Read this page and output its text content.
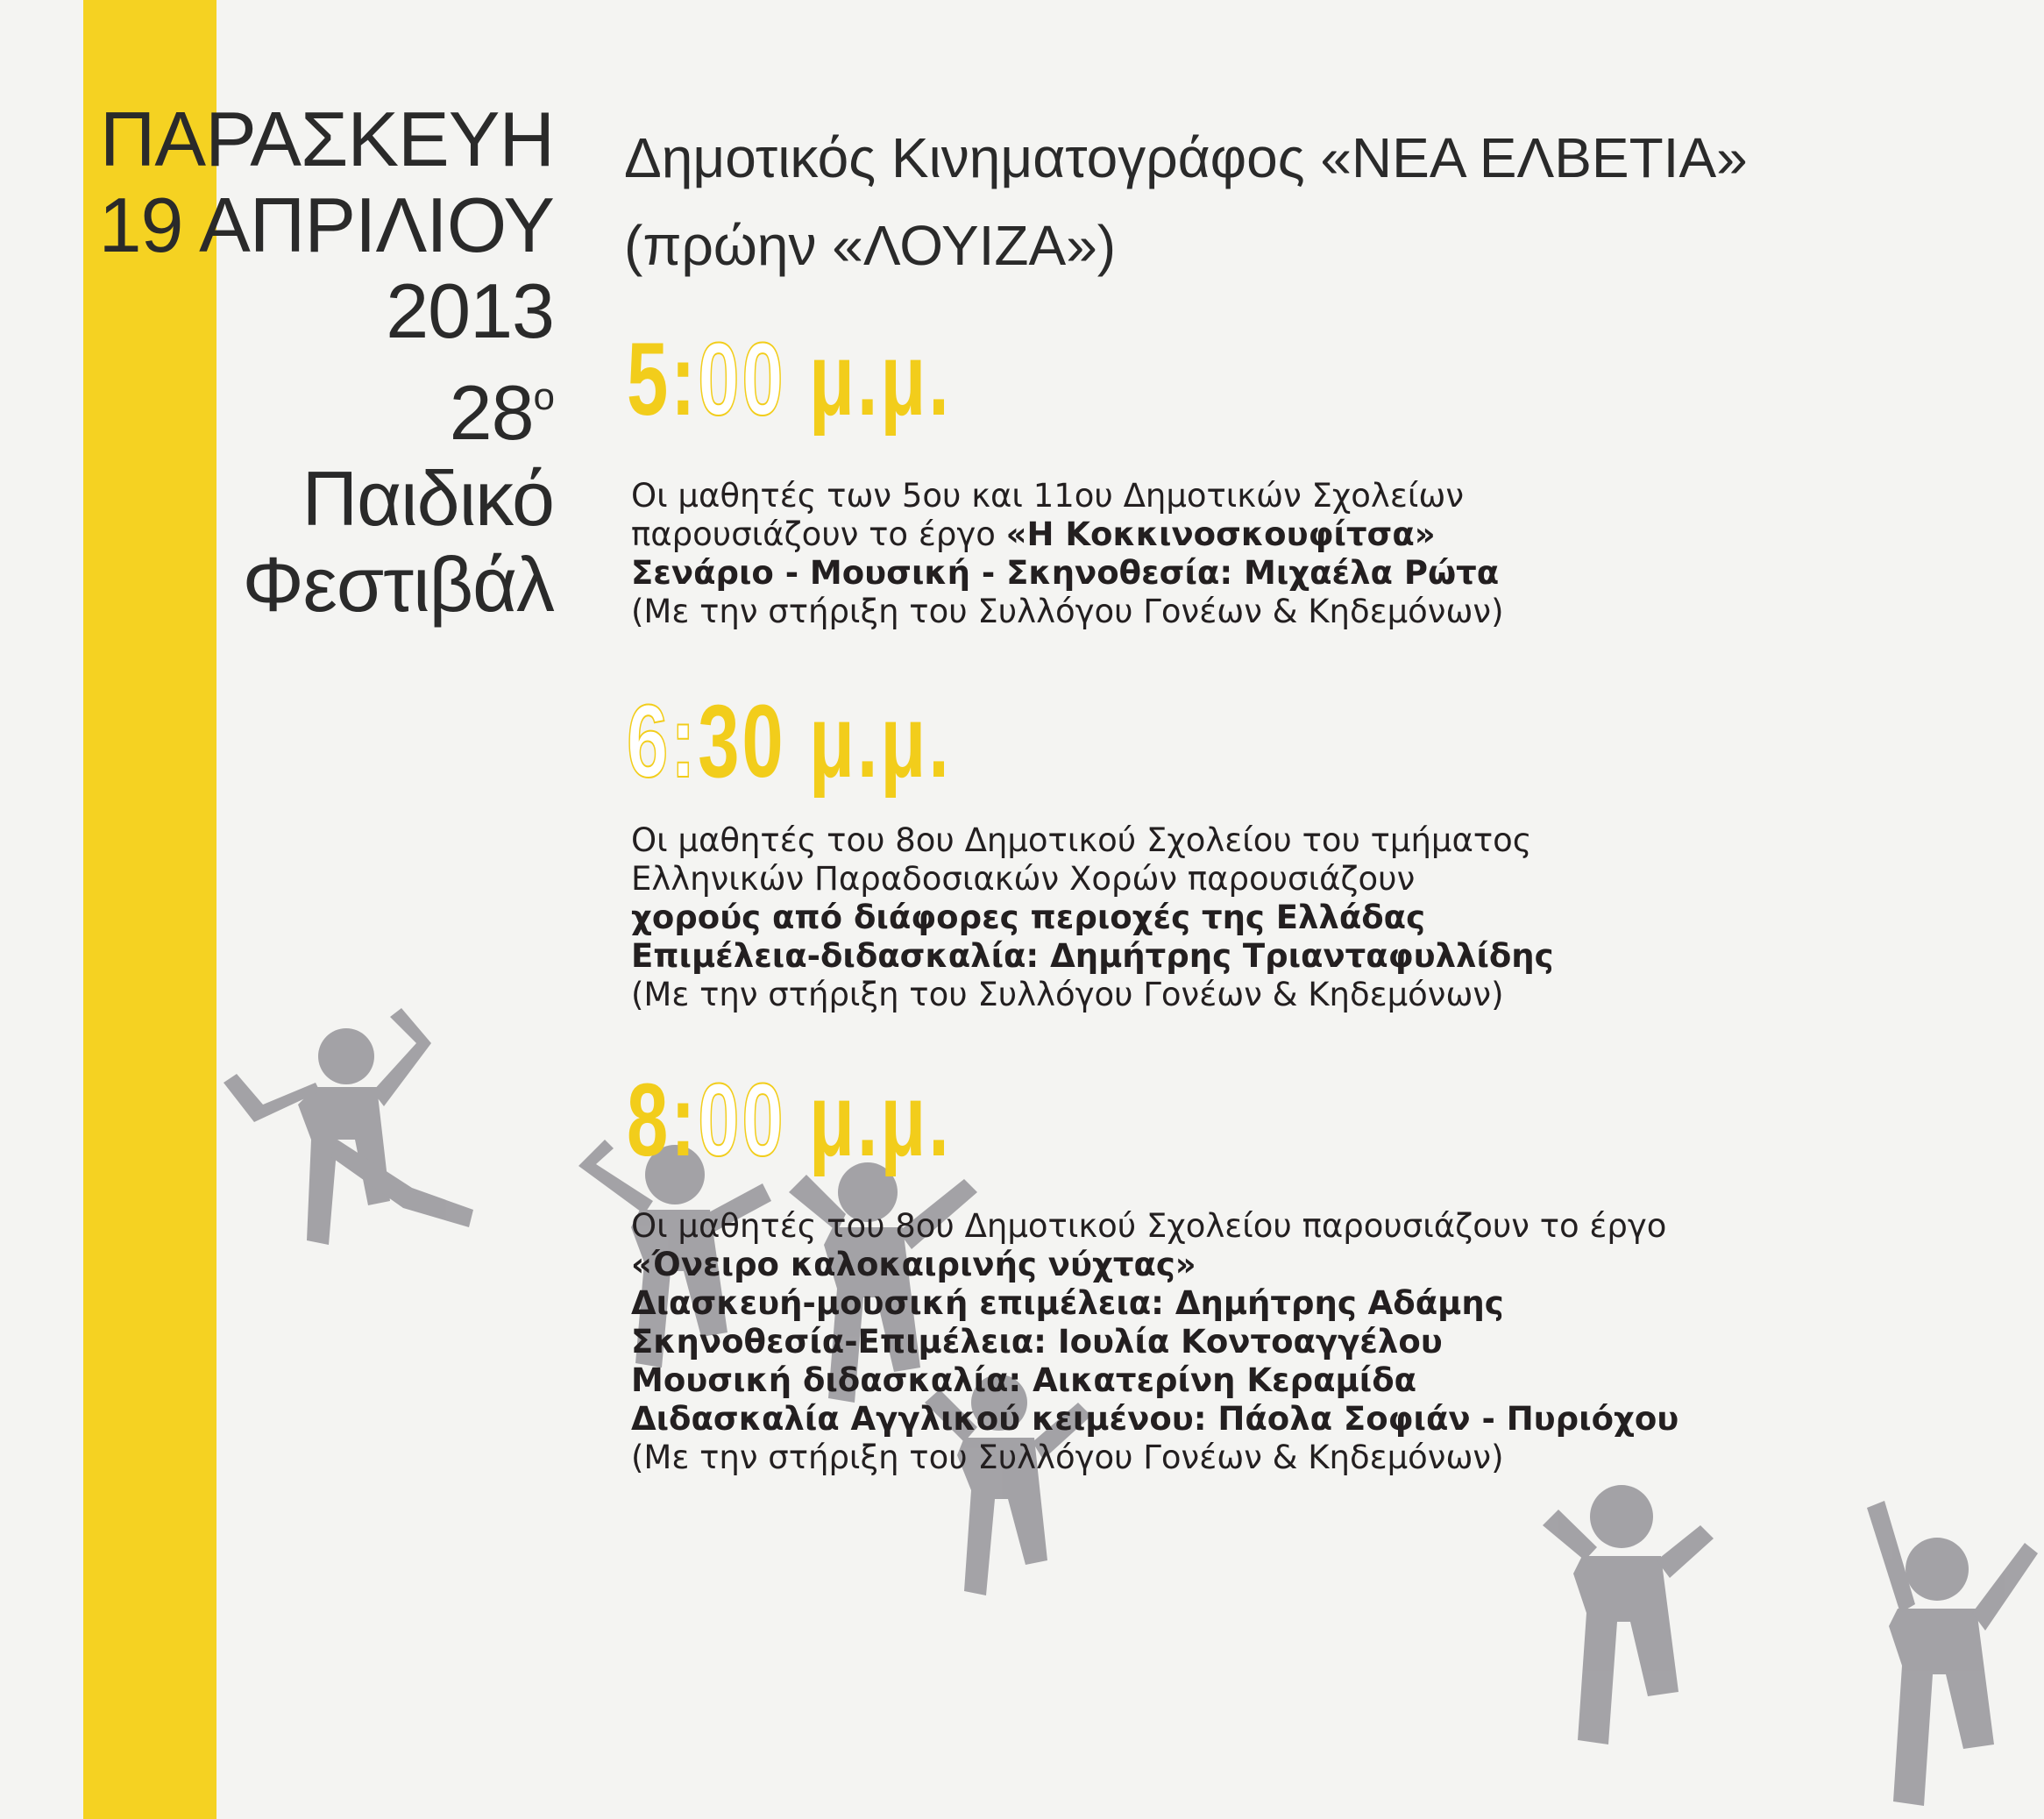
ΠΑΡΑΣΚΕΥΗ
19 ΑΠΡΙΛΙΟΥ
2013
$28^o$
Παιδικό
Φεστιβάλ
Δημοτικός Κινηματογράφος «ΝΕΑ ΕΛΒΕΤΙΑ»
(πρώην «ΛΟΥΙΖΑ»)
5:00 μ.μ.
Οι μαθητές των 5ου και 11ου Δημοτικών Σχολείων
παρουσιάζουν το έργο «Η Κοκκινοσκουφίτσα»
Σενάριο - Μουσική - Σκηνοθεσία: Μιχαέλα Ρώτα
(Με την στήριξη του Συλλόγου Γονέων & Κηδεμόνων)
6:30 μ.μ.
Οι μαθητές του 8ου Δημοτικού Σχολείου του τμήματος
Ελληνικών Παραδοσιακών Χορών παρουσιάζουν
χορούς από διάφορες περιοχές της Ελλάδας
Επιμέλεια-διδασκαλία: Δημήτρης Τριανταφυλλίδης
(Με την στήριξη του Συλλόγου Γονέων & Κηδεμόνων)
8:00 μ.μ.
Οι μαθητές του 8ου Δημοτικού Σχολείου παρουσιάζουν το έργο
«Όνειρο καλοκαιρινής νύχτας»
Διασκευή-μουσική επιμέλεια: Δημήτρης Αδάμης
Σκηνοθεσία-Επιμέλεια: Ιουλία Κοντοαγγέλου
Μουσική διδασκαλία: Αικατερίνη Κεραμίδα
Διδασκαλία Αγγλικού κειμένου: Πάολα Σοφιάν - Πυριόχου
(Με την στήριξη του Συλλόγου Γονέων & Κηδεμόνων)
